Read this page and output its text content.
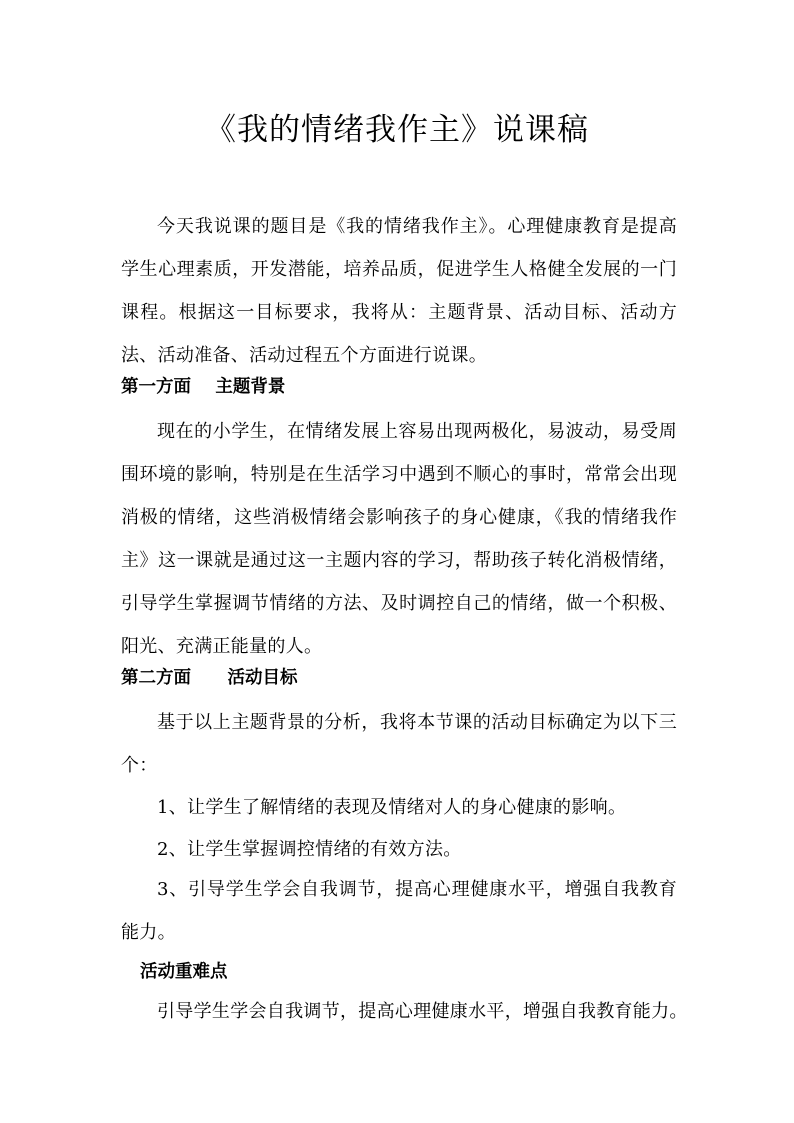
《我的情绪我作主》说课稿

今天我说课的题目是《我的情绪我作主》。心理健康教育是提高学生心理素质，开发潜能，培养品质，促进学生人格健全发展的一门课程。根据这一目标要求，我将从：主题背景、活动目标、活动方法、活动准备、活动过程五个方面进行说课。

第一方面    主题背景

现在的小学生，在情绪发展上容易出现两极化，易波动，易受周围环境的影响，特别是在生活学习中遇到不顺心的事时，常常会出现消极的情绪，这些消极情绪会影响孩子的身心健康，《我的情绪我作主》这一课就是通过这一主题内容的学习，帮助孩子转化消极情绪，引导学生掌握调节情绪的方法、及时调控自己的情绪，做一个积极、阳光、充满正能量的人。

第二方面      活动目标

基于以上主题背景的分析，我将本节课的活动目标确定为以下三个：

1、让学生了解情绪的表现及情绪对人的身心健康的影响。

2、让学生掌握调控情绪的有效方法。

3、引导学生学会自我调节，提高心理健康水平，增强自我教育能力。

活动重难点

引导学生学会自我调节，提高心理健康水平，增强自我教育能力。
